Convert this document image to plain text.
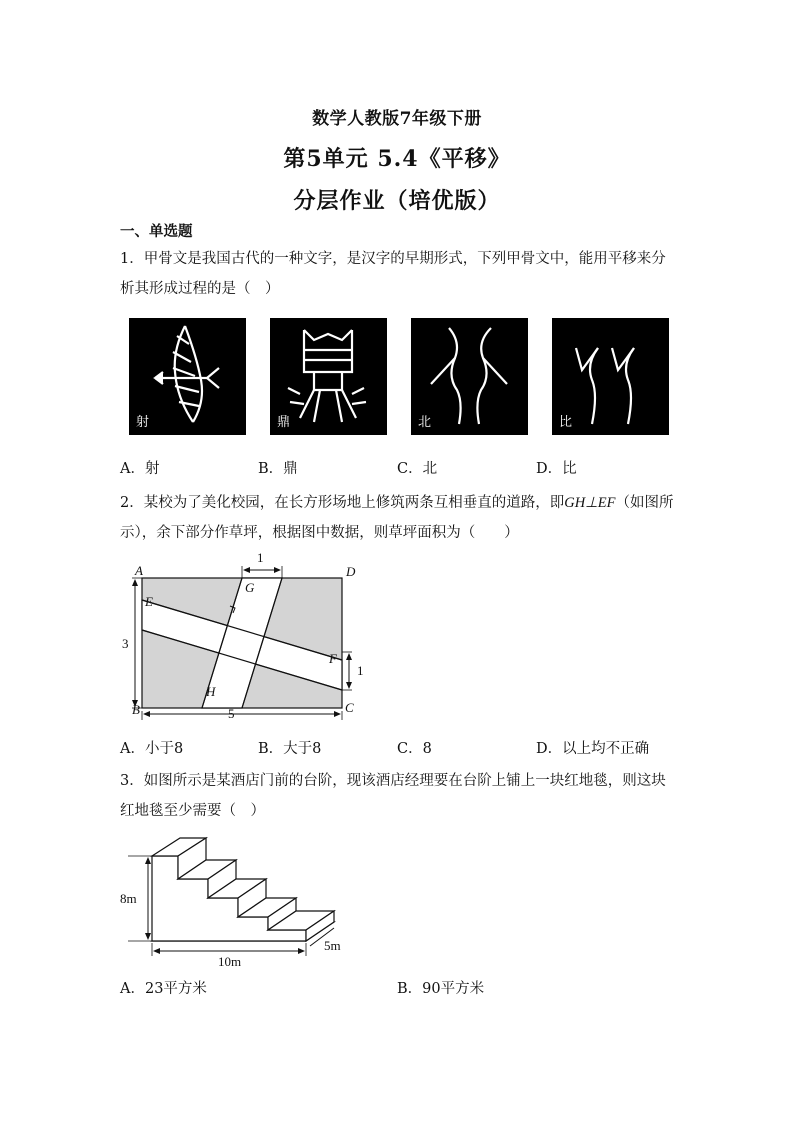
数学人教版7年级下册
第5单元 5.4《平移》
分层作业（培优版）
一、单选题
1．甲骨文是我国古代的一种文字，是汉字的早期形式，下列甲骨文中，能用平移来分析其形成过程的是（　）
射	鼎	北	比
A．射	B．鼎	C．北	D．比
2．某校为了美化校园，在长方形场地上修筑两条互相垂直的道路，即GH⊥EF（如图所示），余下部分作草坪，根据图中数据，则草坪面积为（　　）
A	D
B	C
E
F
G
H
1
3
1
5
A．小于8	B．大于8	C．8	D．以上均不正确
3．如图所示是某酒店门前的台阶，现该酒店经理要在台阶上铺上一块红地毯，则这块红地毯至少需要（　）
8m
10m
5m
A．23平方米	B．90平方米
